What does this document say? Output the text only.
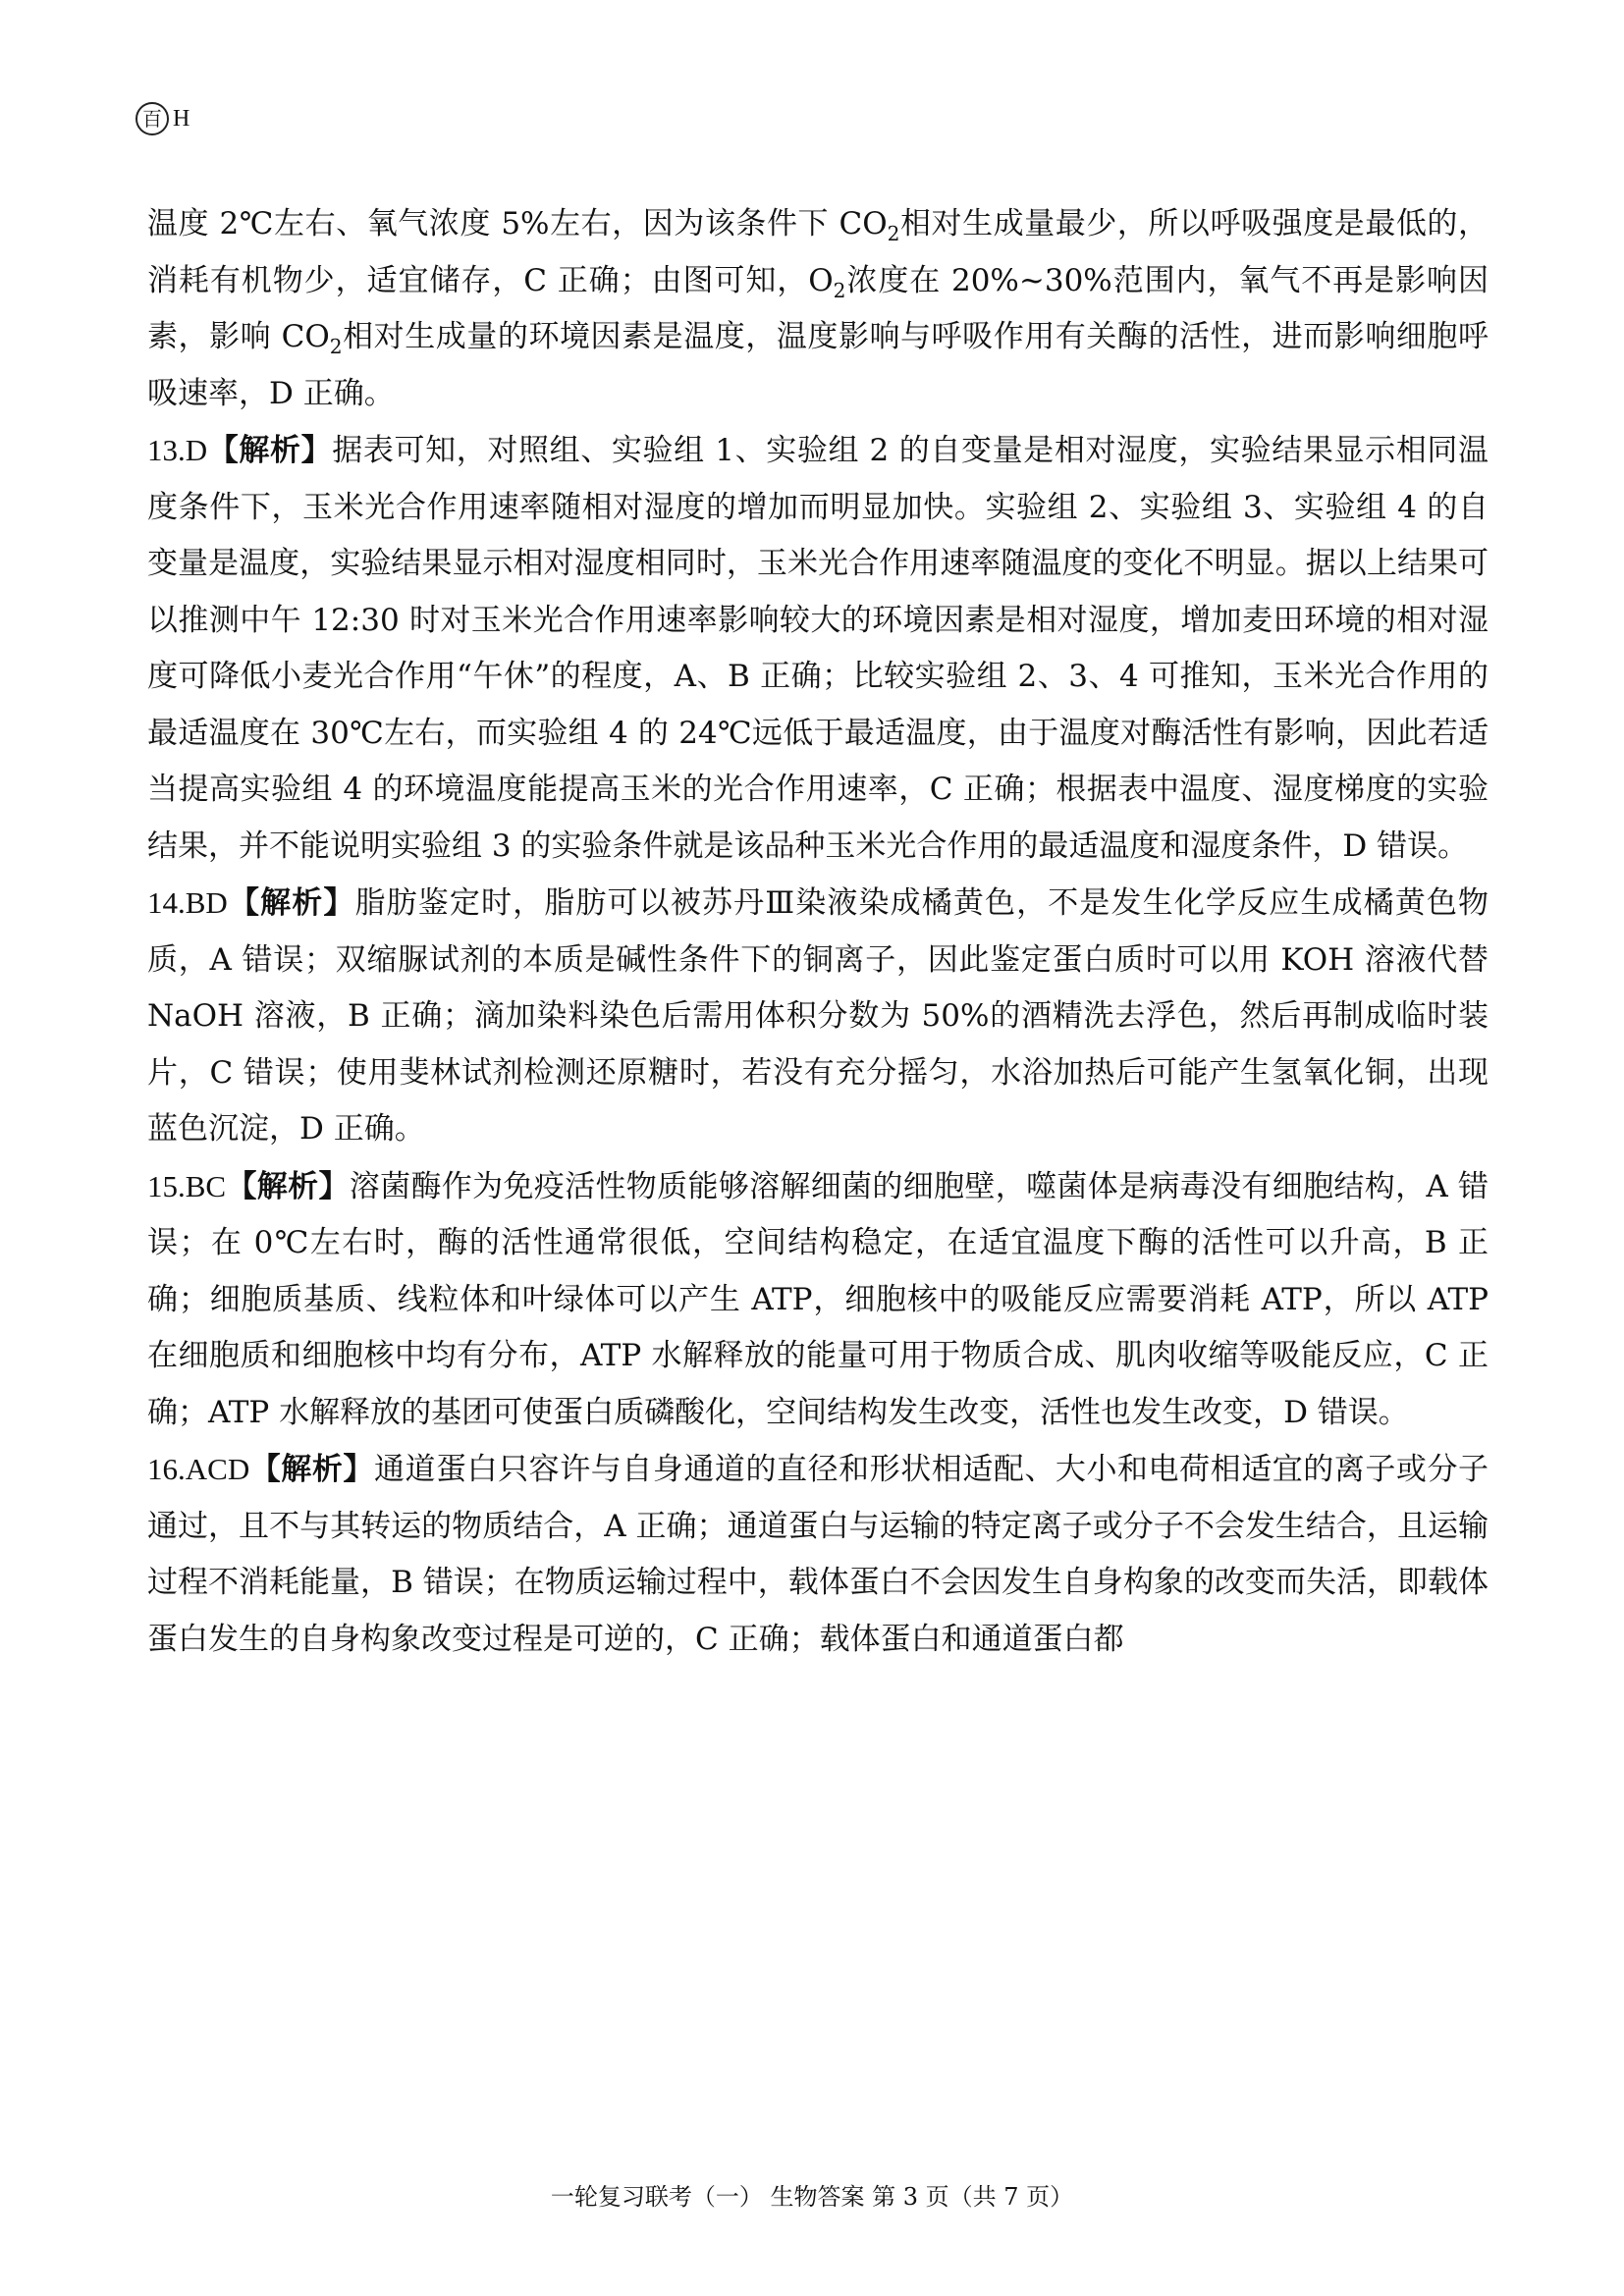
百 H

温度 2℃左右、氧气浓度 5%左右，因为该条件下 $CO_2$相对生成量最少，所以呼吸强度是最低的，消耗有机物少，适宜储存，C 正确；由图可知，$O_2$浓度在 20%~30%范围内，氧气不再是影响因素，影响 $CO_2$相对生成量的环境因素是温度，温度影响与呼吸作用有关酶的活性，进而影响细胞呼吸速率，D 正确。

13.D【解析】据表可知，对照组、实验组 1、实验组 2 的自变量是相对湿度，实验结果显示相同温度条件下，玉米光合作用速率随相对湿度的增加而明显加快。实验组 2、实验组 3、实验组 4 的自变量是温度，实验结果显示相对湿度相同时，玉米光合作用速率随温度的变化不明显。据以上结果可以推测中午 12:30 时对玉米光合作用速率影响较大的环境因素是相对湿度，增加麦田环境的相对湿度可降低小麦光合作用“午休”的程度，A、B 正确；比较实验组 2、3、4 可推知，玉米光合作用的最适温度在 30℃左右，而实验组 4 的 24℃远低于最适温度，由于温度对酶活性有影响，因此若适当提高实验组 4 的环境温度能提高玉米的光合作用速率，C 正确；根据表中温度、湿度梯度的实验结果，并不能说明实验组 3 的实验条件就是该品种玉米光合作用的最适温度和湿度条件，D 错误。

14.BD【解析】脂肪鉴定时，脂肪可以被苏丹Ⅲ染液染成橘黄色，不是发生化学反应生成橘黄色物质，A 错误；双缩脲试剂的本质是碱性条件下的铜离子，因此鉴定蛋白质时可以用 KOH 溶液代替 NaOH 溶液，B 正确；滴加染料染色后需用体积分数为 50%的酒精洗去浮色，然后再制成临时装片，C 错误；使用斐林试剂检测还原糖时，若没有充分摇匀，水浴加热后可能产生氢氧化铜，出现蓝色沉淀，D 正确。

15.BC【解析】溶菌酶作为免疫活性物质能够溶解细菌的细胞壁，噬菌体是病毒没有细胞结构，A 错误；在 0℃左右时，酶的活性通常很低，空间结构稳定，在适宜温度下酶的活性可以升高，B 正确；细胞质基质、线粒体和叶绿体可以产生 ATP，细胞核中的吸能反应需要消耗 ATP，所以 ATP 在细胞质和细胞核中均有分布，ATP 水解释放的能量可用于物质合成、肌肉收缩等吸能反应，C 正确；ATP 水解释放的基团可使蛋白质磷酸化，空间结构发生改变，活性也发生改变，D 错误。

16.ACD【解析】通道蛋白只容许与自身通道的直径和形状相适配、大小和电荷相适宜的离子或分子通过，且不与其转运的物质结合，A 正确；通道蛋白与运输的特定离子或分子不会发生结合，且运输过程不消耗能量，B 错误；在物质运输过程中，载体蛋白不会因发生自身构象的改变而失活，即载体蛋白发生的自身构象改变过程是可逆的，C 正确；载体蛋白和通道蛋白都

一轮复习联考（一） 生物答案 第 3 页（共 7 页）
